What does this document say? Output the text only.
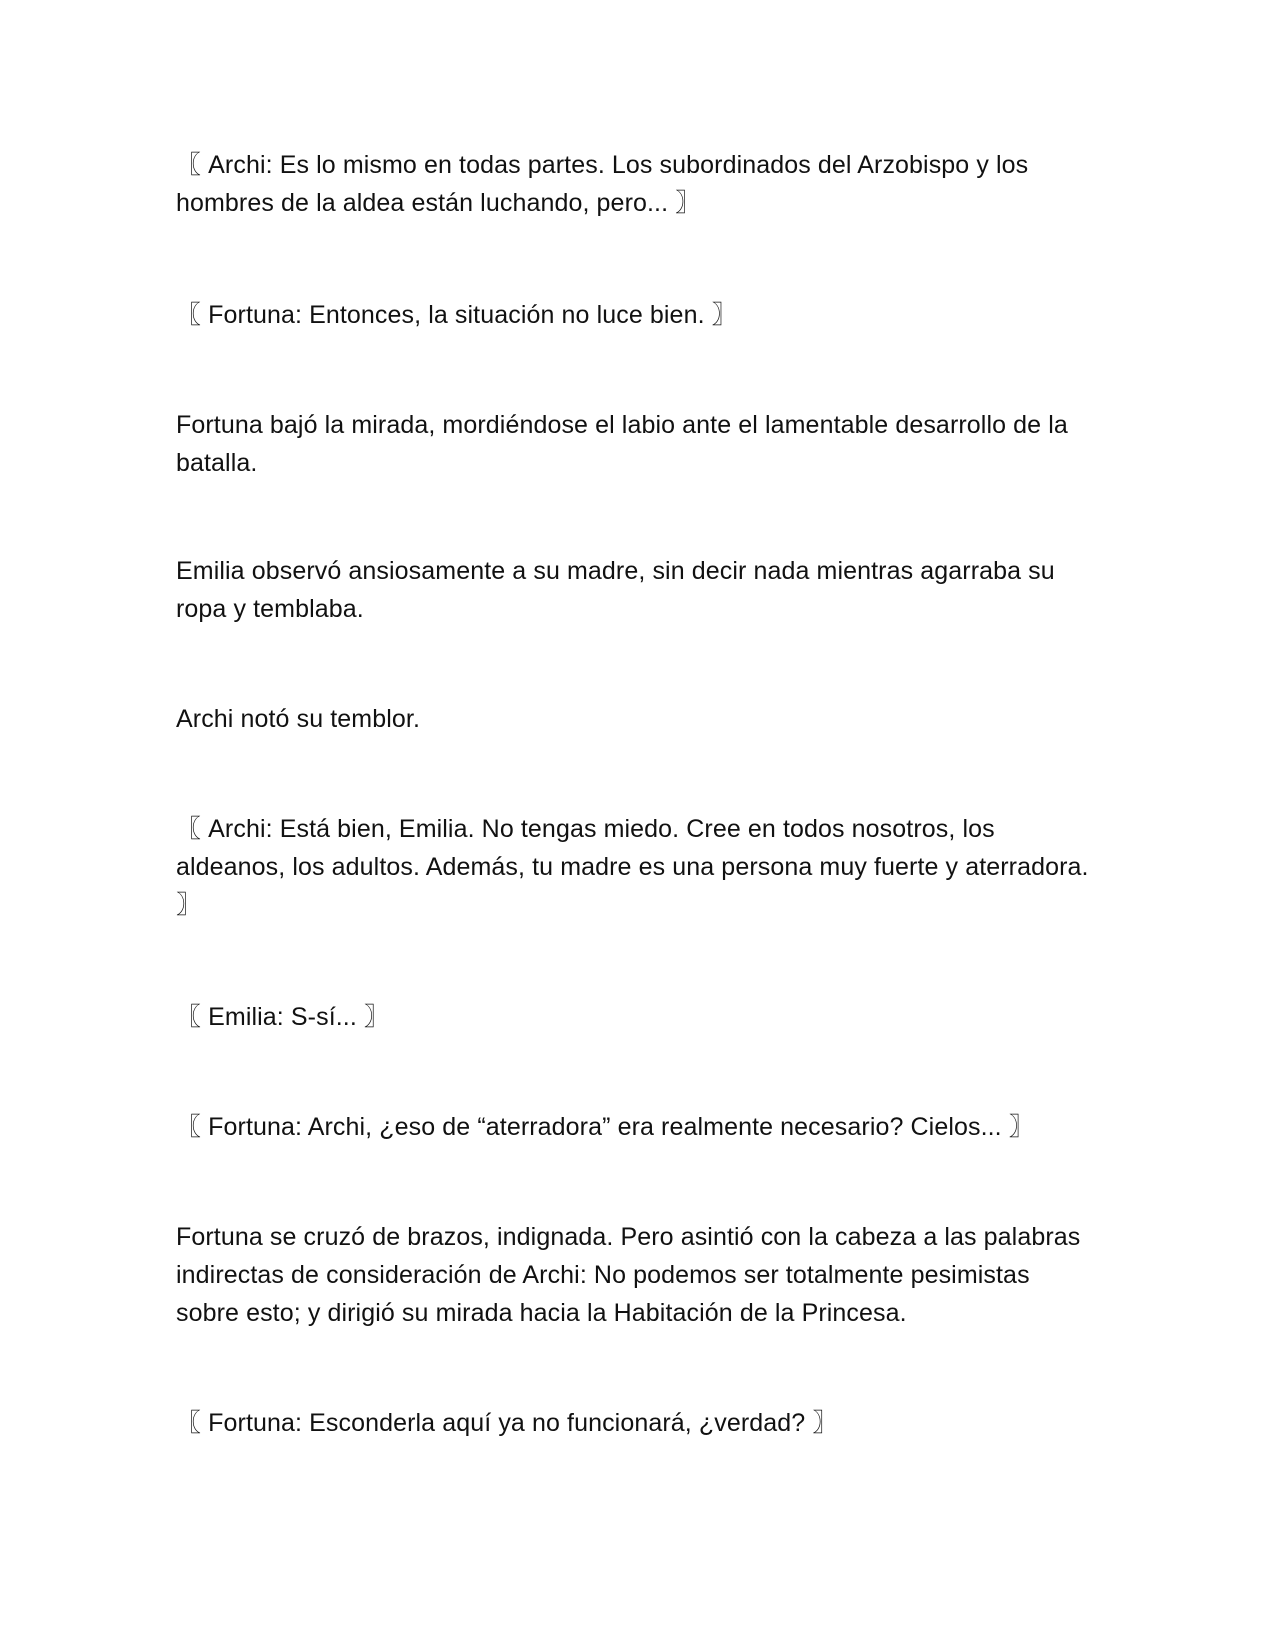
〖 Archi: Es lo mismo en todas partes. Los subordinados del Arzobispo y los hombres de la aldea están luchando, pero... 〗

〖 Fortuna: Entonces, la situación no luce bien. 〗

Fortuna bajó la mirada, mordiéndose el labio ante el lamentable desarrollo de la batalla.

Emilia observó ansiosamente a su madre, sin decir nada mientras agarraba su ropa y temblaba.

Archi notó su temblor.

〖 Archi: Está bien, Emilia. No tengas miedo. Cree en todos nosotros, los aldeanos, los adultos. Además, tu madre es una persona muy fuerte y aterradora. 〗

〖 Emilia: S-sí... 〗

〖 Fortuna: Archi, ¿eso de “aterradora” era realmente necesario? Cielos... 〗

Fortuna se cruzó de brazos, indignada. Pero asintió con la cabeza a las palabras indirectas de consideración de Archi: No podemos ser totalmente pesimistas sobre esto; y dirigió su mirada hacia la Habitación de la Princesa.

〖 Fortuna: Esconderla aquí ya no funcionará, ¿verdad? 〗
